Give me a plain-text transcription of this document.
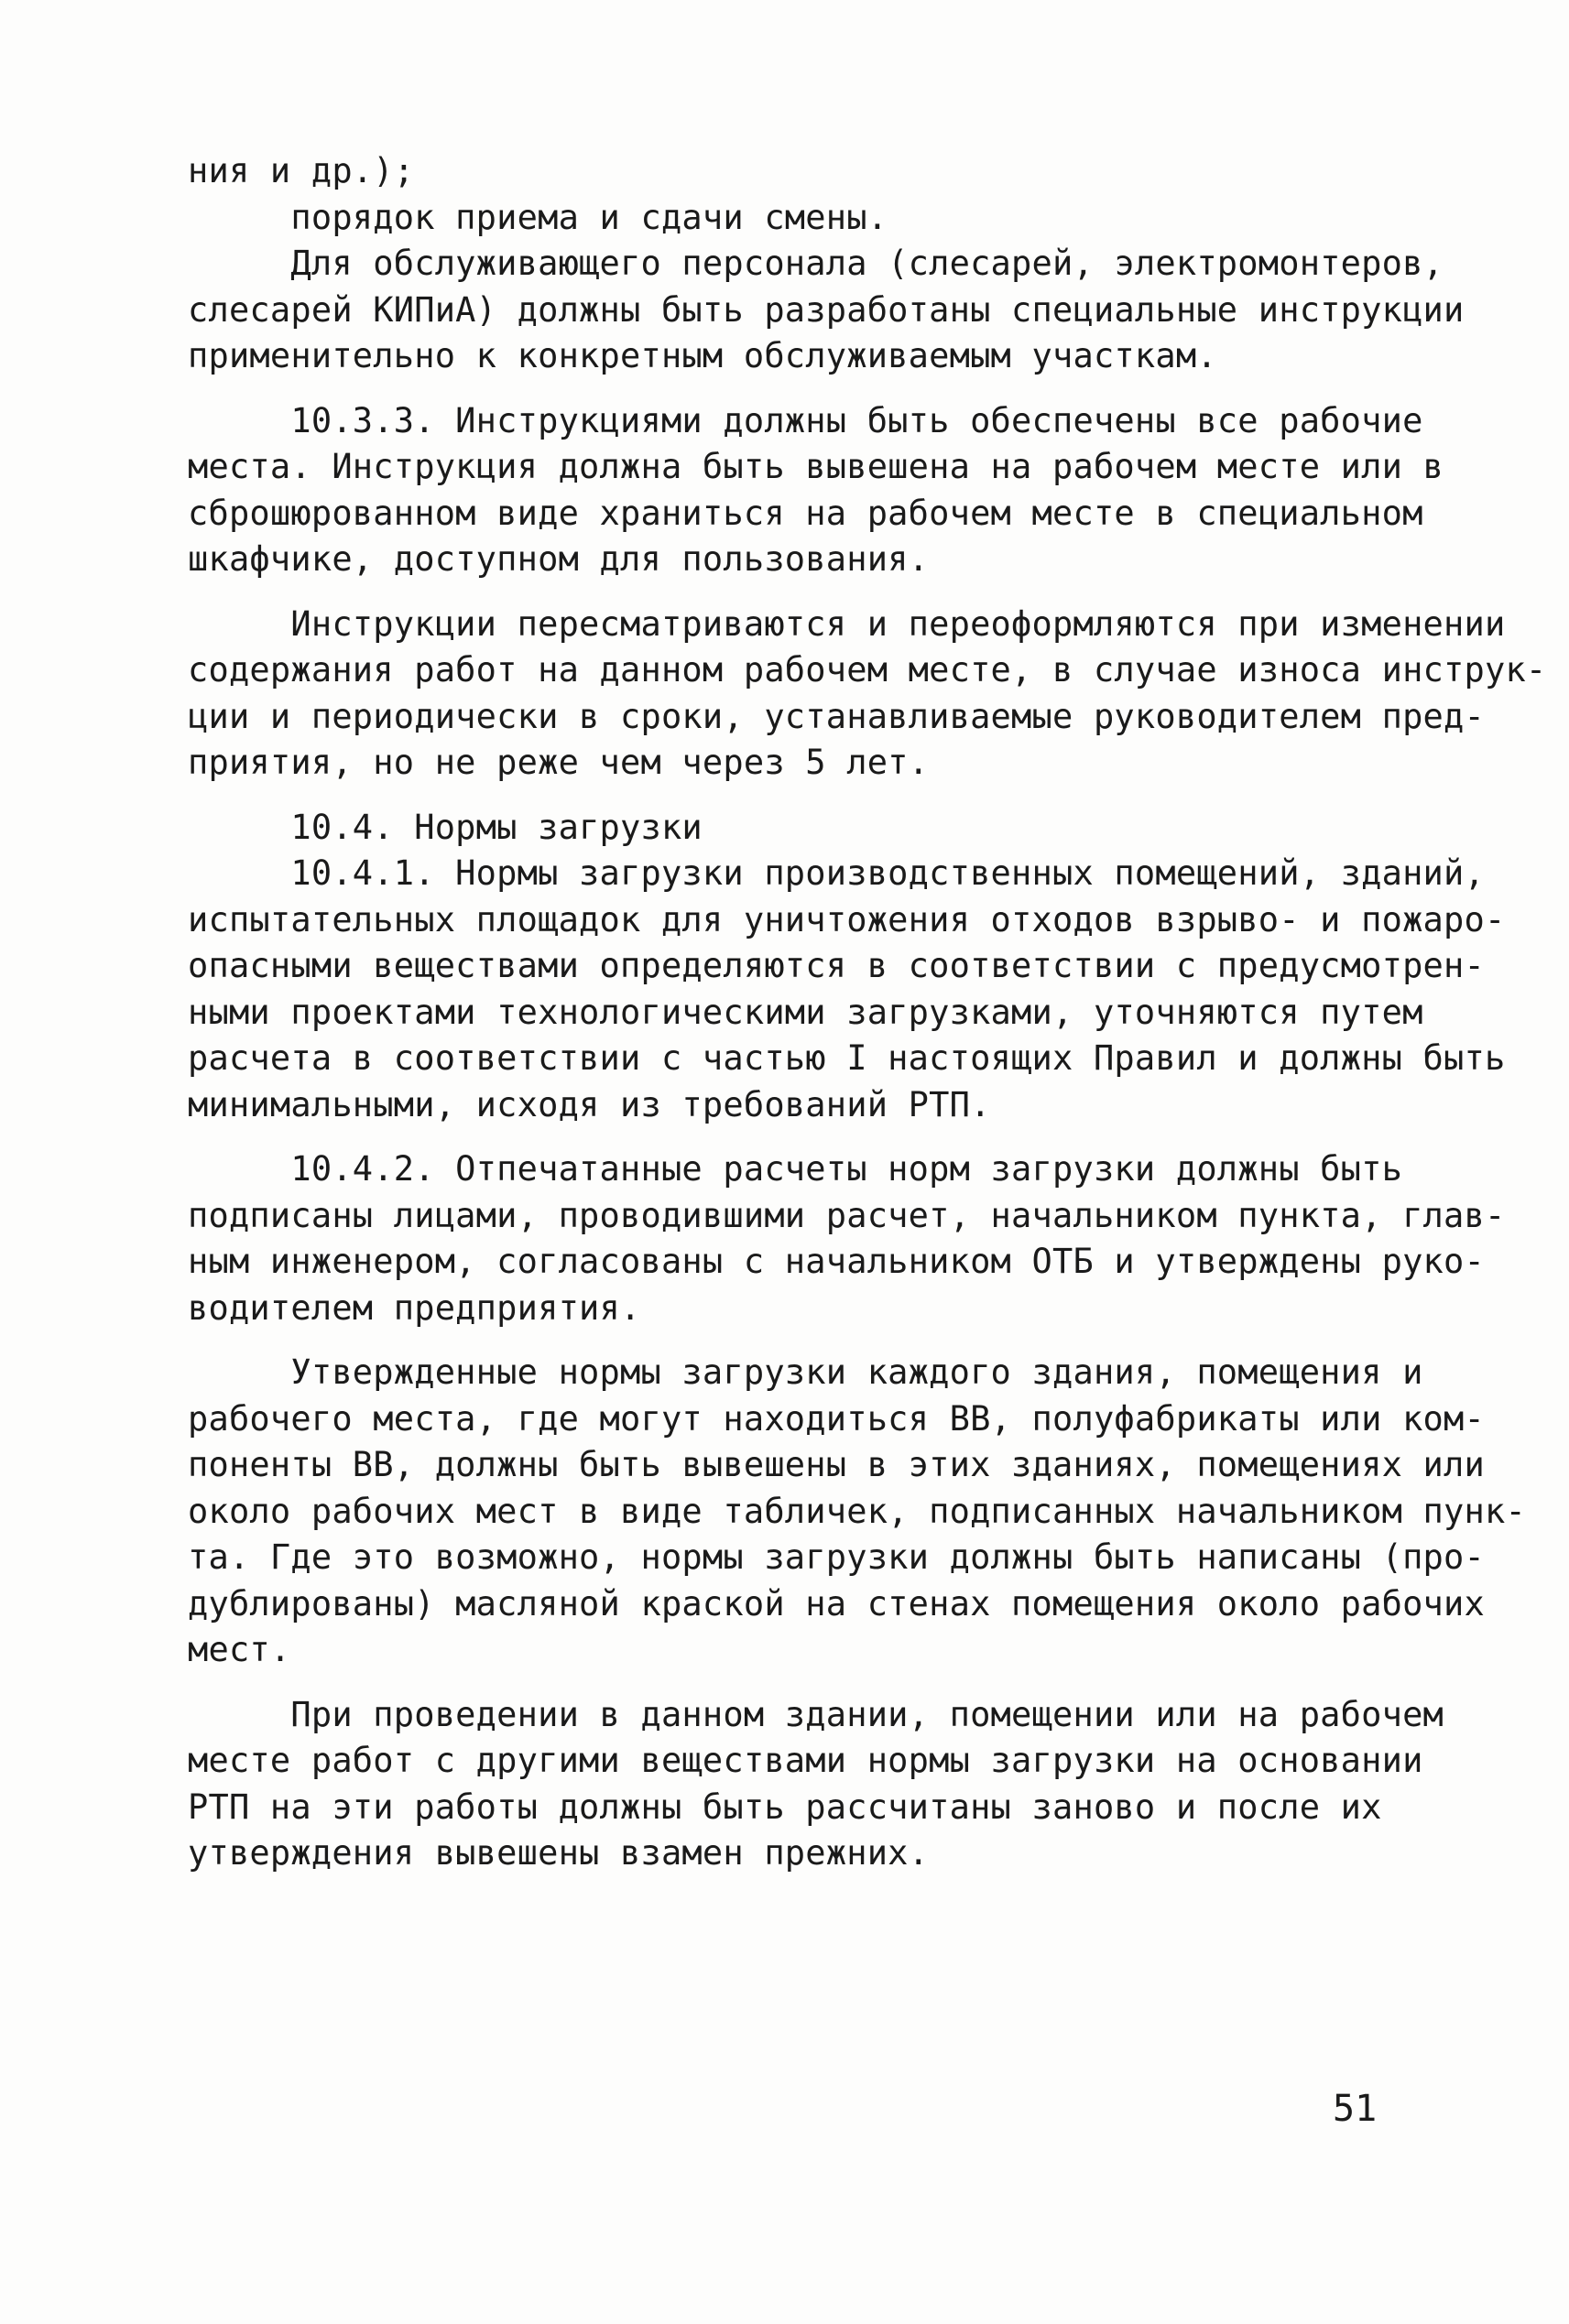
ния и др.);

порядок приема и сдачи смены.

Для обслуживающего персонала (слесарей, электромонтеров,

слесарей КИПиА) должны быть разработаны специальные инструкции

применительно к конкретным обслуживаемым участкам.

10.3.3. Инструкциями должны быть обеспечены все рабочие

места. Инструкция должна быть вывешена на рабочем месте или в

сброшюрованном виде храниться на рабочем месте в специальном

шкафчике, доступном для пользования.

Инструкции пересматриваются и переоформляются при изменении

содержания работ на данном рабочем месте, в случае износа инструк-

ции и периодически в сроки, устанавливаемые руководителем пред-

приятия, но не реже чем через 5 лет.

10.4. Нормы загрузки

10.4.1. Нормы загрузки производственных помещений, зданий,

испытательных площадок для уничтожения отходов взрыво- и пожаро-

опасными веществами определяются в соответствии с предусмотрен-

ными проектами технологическими загрузками, уточняются путем

расчета в соответствии с частью I настоящих Правил и должны быть

минимальными, исходя из требований РТП.

10.4.2. Отпечатанные расчеты норм загрузки должны быть

подписаны лицами, проводившими расчет, начальником пункта, глав-

ным инженером, согласованы с начальником ОТБ и утверждены руко-

водителем предприятия.

Утвержденные нормы загрузки каждого здания, помещения и

рабочего места, где могут находиться ВВ, полуфабрикаты или ком-

поненты ВВ, должны быть вывешены в этих зданиях, помещениях или

около рабочих мест в виде табличек, подписанных начальником пунк-

та. Где это возможно, нормы загрузки должны быть написаны (про-

дублированы) масляной краской на стенах помещения около рабочих

мест.

При проведении в данном здании, помещении или на рабочем

месте работ с другими веществами нормы загрузки на основании

РТП на эти работы должны быть рассчитаны заново и после их

утверждения вывешены взамен прежних.

51
